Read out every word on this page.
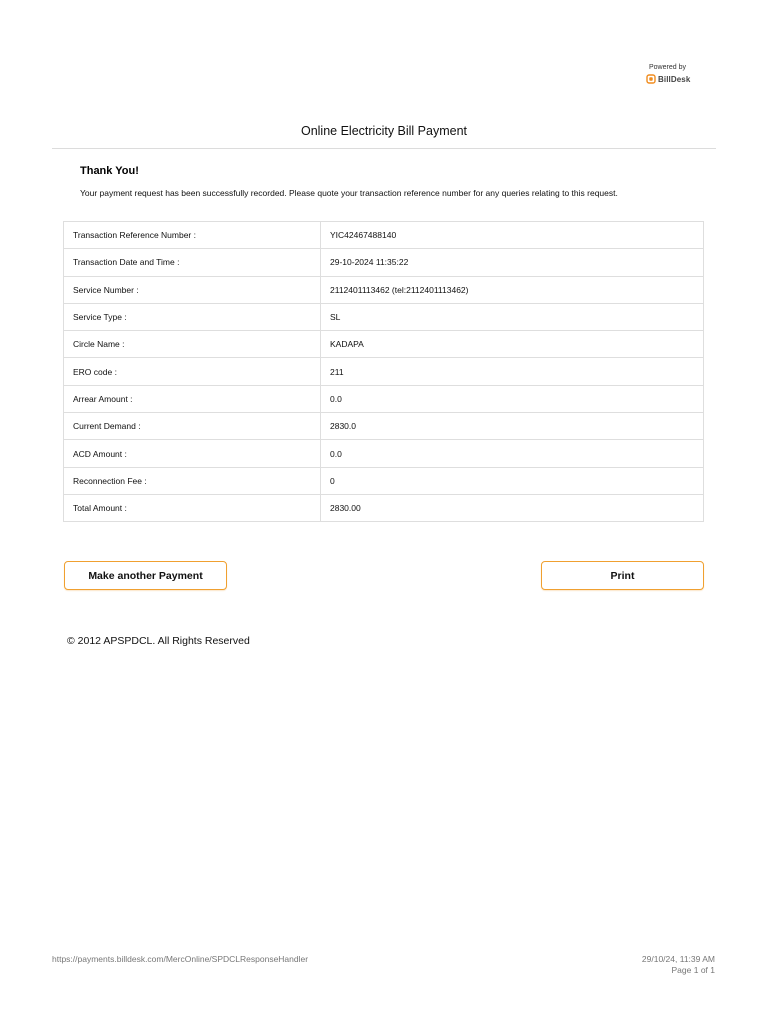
Powered by
BillDesk
Online Electricity Bill Payment
Thank You!
Your payment request has been successfully recorded. Please quote your transaction reference number for any queries relating to this request.
Transaction Reference Number :	YIC42467488140
Transaction Date and Time :	29-10-2024 11:35:22
Service Number :	2112401113462 (tel:2112401113462)
Service Type :	SL
Circle Name :	KADAPA
ERO code :	211
Arrear Amount :	0.0
Current Demand :	2830.0
ACD Amount :	0.0
Reconnection Fee :	0
Total Amount :	2830.00
Make another Payment	Print
© 2012 APSPDCL. All Rights Reserved
https://payments.billdesk.com/MercOnline/SPDCLResponseHandler	29/10/24, 11:39 AM
Page 1 of 1
